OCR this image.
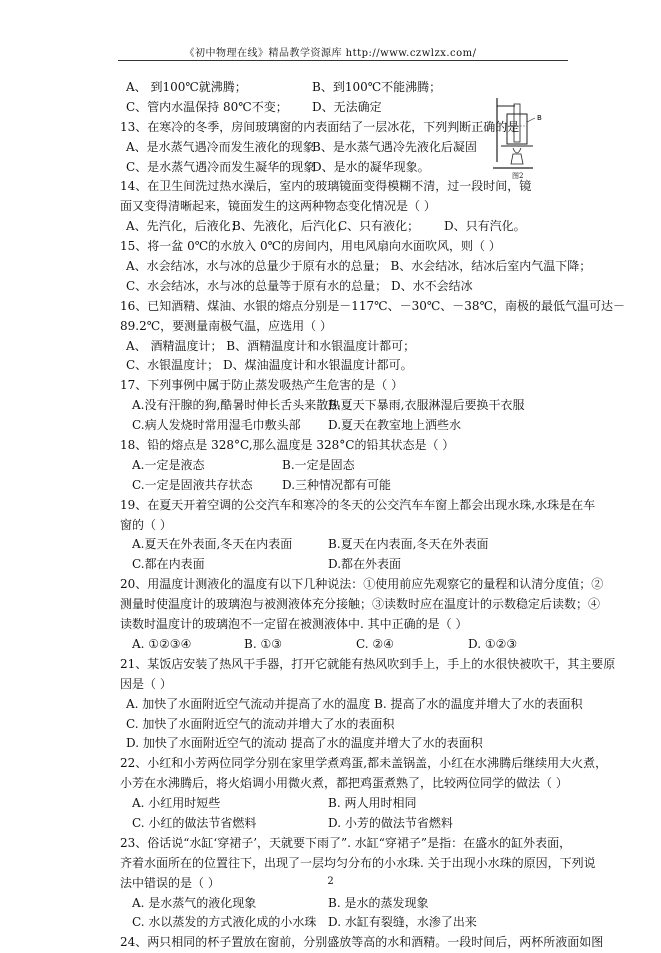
《初中物理在线》精品教学资源库 http://www.czwlzx.com/
B
图2
A、 到100℃就沸腾；	B、到100℃不能沸腾；
C、管内水温保持 80℃不变； D、无法确定
13、在寒冷的冬季，房间玻璃窗的内表面结了一层冰花，下列判断正确的是
A、是水蒸气遇冷而发生液化的现象B、是水蒸气遇冷先液化后凝固
C、是水蒸气遇冷而发生凝华的现象D、是水的凝华现象。
14、在卫生间洗过热水澡后，室内的玻璃镜面变得模糊不清，过一段时间，镜
面又变得清晰起来，镜面发生的这两种物态变化情况是（ ）
A、先汽化，后液化；B、先液化，后汽化；C、只有液化； D、只有汽化。
15、将一盆 0℃的水放入 0℃的房间内，用电风扇向水面吹风，则（ ）
A、水会结冰，水与冰的总量少于原有水的总量； B、水会结冰，结冰后室内气温下降；
C、水会结冰，水与冰的总量等于原有水的总量； D、水不会结冰
16、已知酒精、煤油、水银的熔点分别是－117℃、－30℃、－38℃，南极的最低气温可达－
89.2℃，要测量南极气温，应选用（ ）
A、 酒精温度计； B、酒精温度计和水银温度计都可；
C、水银温度计； D、煤油温度计和水银温度计都可。
17、下列事例中属于防止蒸发吸热产生危害的是（ ）
A.没有汗腺的狗,酷暑时伸长舌头来散热B.夏天下暴雨,衣服淋湿后要换干衣服
C.病人发烧时常用湿毛巾敷头部 D.夏天在教室地上洒些水
18、铅的熔点是 328°C,那么温度是 328°C的铅其状态是（ ）
A.一定是液态	B.一定是固态
C.一定是固液共存状态 D.三种情况都有可能
19、在夏天开着空调的公交汽车和寒冷的冬天的公交汽车车窗上都会出现水珠,水珠是在车
窗的（ ）
A.夏天在外表面,冬天在内表面	B.夏天在内表面,冬天在外表面
C.都在内表面	D.都在外表面
20、用温度计测液化的温度有以下几种说法：①使用前应先观察它的量程和认清分度值；②
测量时使温度计的玻璃泡与被测液体充分接触；③读数时应在温度计的示数稳定后读数；④
读数时温度计的玻璃泡不一定留在被测液体中. 其中正确的是（ ）
A. ①②③④	B. ①③	C. ②④	D. ①②③
21、某饭店安装了热风干手器，打开它就能有热风吹到手上，手上的水很快被吹干，其主要原
因是（ ）
A. 加快了水面附近空气流动并提高了水的温度 B. 提高了水的温度并增大了水的表面积
C. 加快了水面附近空气的流动并增大了水的表面积
D. 加快了水面附近空气的流动 提高了水的温度并增大了水的表面积
22、小红和小芳两位同学分别在家里学煮鸡蛋,都未盖锅盖，小红在水沸腾后继续用大火煮，
小芳在水沸腾后，将火焰调小用微火煮，都把鸡蛋煮熟了，比较两位同学的做法（ ）
A. 小红用时短些	B. 两人用时相同
C. 小红的做法节省燃料	D. 小芳的做法节省燃料
23、俗话说“水缸‘穿裙子’，天就要下雨了”. 水缸“穿裙子”是指：在盛水的缸外表面，
齐着水面所在的位置往下，出现了一层均匀分布的小水珠. 关于出现小水珠的原因，下列说
法中错误的是（ ）
A. 是水蒸气的液化现象	B. 是水的蒸发现象
C. 水以蒸发的方式液化成的小水珠 D. 水缸有裂缝，水渗了出来
24、两只相同的杯子置放在窗前，分别盛放等高的水和酒精。一段时间后，两杯所液面如图
2
